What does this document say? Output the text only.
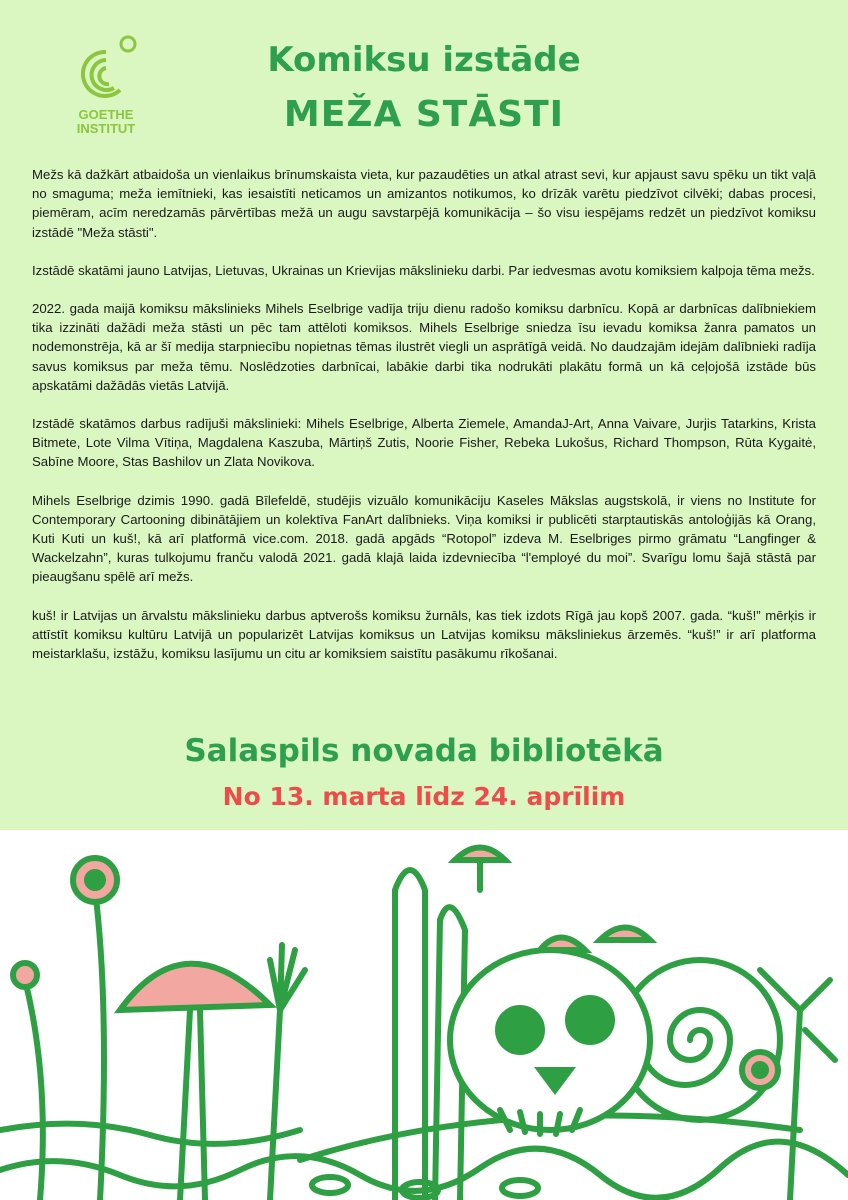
GOETHE
INSTITUT
Komiksu izstāde
MEŽA STĀSTI

Mežs kā dažkārt atbaidoša un vienlaikus brīnumskaista vieta, kur pazaudēties un atkal atrast sevi, kur apjaust savu spēku un tikt vaļā no smaguma; meža iemītnieki, kas iesaistīti neticamos un amizantos notikumos, ko drīzāk varētu piedzīvot cilvēki; dabas procesi, piemēram, acīm neredzamās pārvērtības mežā un augu savstarpējā komunikācija – šo visu iespējams redzēt un piedzīvot komiksu izstādē "Meža stāsti".

Izstādē skatāmi jauno Latvijas, Lietuvas, Ukrainas un Krievijas mākslinieku darbi. Par iedvesmas avotu komiksiem kalpoja tēma mežs.

2022. gada maijā komiksu mākslinieks Mihels Eselbrige vadīja triju dienu radošo komiksu darbnīcu. Kopā ar darbnīcas dalībniekiem tika izzināti dažādi meža stāsti un pēc tam attēloti komiksos. Mihels Eselbrige sniedza īsu ievadu komiksa žanra pamatos un nodemonstrēja, kā ar šī medija starpniecību nopietnas tēmas ilustrēt viegli un asprātīgā veidā. No daudzajām idejām dalībnieki radīja savus komiksus par meža tēmu. Noslēdzoties darbnīcai, labākie darbi tika nodrukāti plakātu formā un kā ceļojošā izstāde būs apskatāmi dažādās vietās Latvijā.

Izstādē skatāmos darbus radījuši mākslinieki: Mihels Eselbrige, Alberta Ziemele, AmandaJ-Art, Anna Vaivare, Jurjis Tatarkins, Krista Bitmete, Lote Vilma Vītiņa, Magdalena Kaszuba, Mārtiņš Zutis, Noorie Fisher, Rebeka Lukošus, Richard Thompson, Rūta Kygaitė, Sabīne Moore, Stas Bashilov un Zlata Novikova.

Mihels Eselbrige dzimis 1990. gadā Bīlefeldē, studējis vizuālo komunikāciju Kaseles Mākslas augstskolā, ir viens no Institute for Contemporary Cartooning dibinātājiem un kolektīva FanArt dalībnieks. Viņa komiksi ir publicēti starptautiskās antoloģijās kā Orang, Kuti Kuti un kuš!, kā arī platformā vice.com. 2018. gadā apgāds “Rotopol” izdeva M. Eselbriges pirmo grāmatu “Langfinger & Wackelzahn”, kuras tulkojumu franču valodā 2021. gadā klajā laida izdevniecība “l'employé du moi”. Svarīgu lomu šajā stāstā par pieaugšanu spēlē arī mežs.

kuš! ir Latvijas un ārvalstu mākslinieku darbus aptverošs komiksu žurnāls, kas tiek izdots Rīgā jau kopš 2007. gada. “kuš!” mērķis ir attīstīt komiksu kultūru Latvijā un popularizēt Latvijas komiksus un Latvijas komiksu māksliniekus ārzemēs. “kuš!” ir arī platforma meistarklašu, izstāžu, komiksu lasījumu un citu ar komiksiem saistītu pasākumu rīkošanai.

Salaspils novada bibliotēkā
No 13. marta līdz 24. aprīlim
